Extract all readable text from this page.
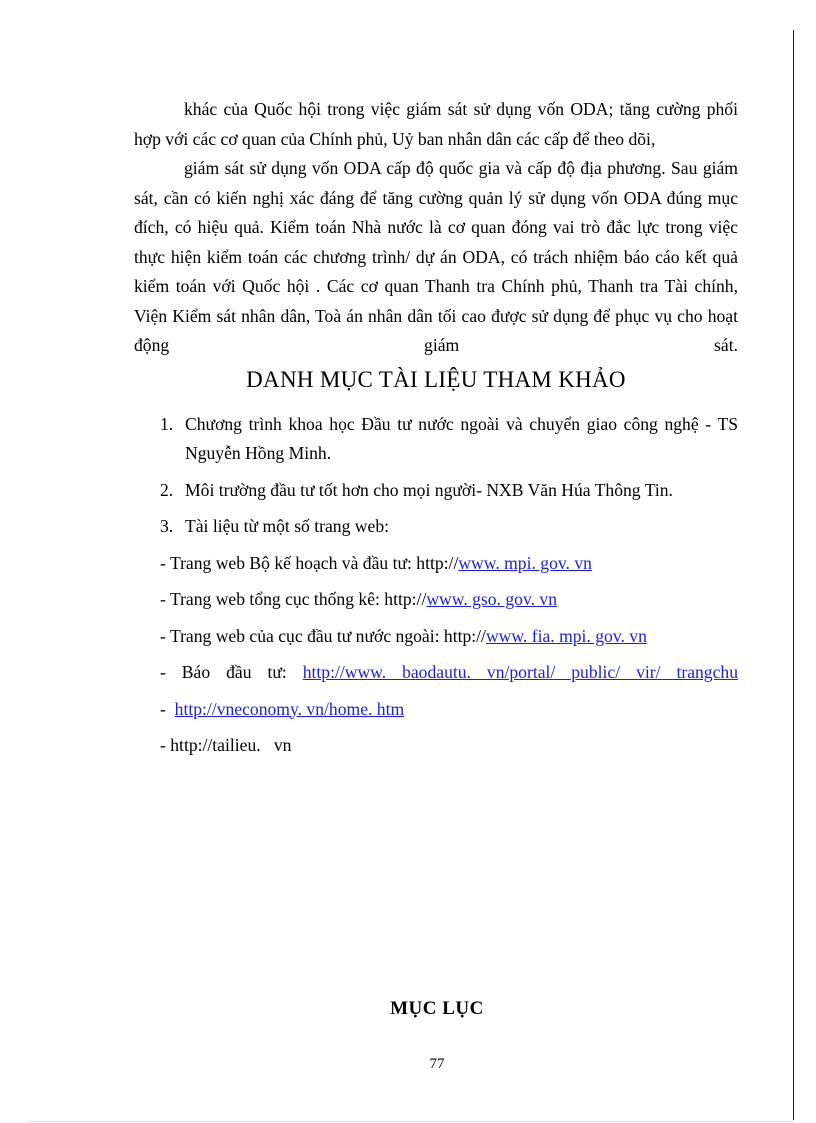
khác của Quốc hội trong việc giám sát sử dụng vốn ODA; tăng cường phối hợp với các cơ quan của Chính phủ, Uỷ ban nhân dân các cấp để theo dõi,

giám sát sử dụng vốn ODA cấp độ quốc gia và cấp độ địa phương. Sau giám sát, cần có kiến nghị xác đáng để tăng cường quản lý sử dụng vốn ODA đúng mục đích, có hiệu quả. Kiểm toán Nhà nước là cơ quan đóng vai trò đắc lực trong việc thực hiện kiểm toán các chương trình/ dự án ODA, có trách nhiệm báo cáo kết quả kiểm toán với Quốc hội . Các cơ quan Thanh tra Chính phủ, Thanh tra Tài chính, Viện Kiểm sát nhân dân, Toà án nhân dân tối cao được sử dụng để phục vụ cho hoạt động giám sát.

DANH MỤC TÀI LIỆU THAM KHẢO
1. Chương trình khoa học Đầu tư nước ngoài và chuyển giao công nghệ - TS Nguyễn Hồng Minh.
2. Môi trường đầu tư tốt hơn cho mọi người- NXB Văn Húa Thông Tin.
3. Tài liệu từ một số trang web:

- Trang web Bộ kế hoạch và đầu tư: http://www. mpi. gov. vn

- Trang web tổng cục thống kê: http://www. gso. gov. vn

- Trang web của cục đầu tư nước ngoài: http://www. fia. mpi. gov. vn

- Báo đầu tư: http://www. baodautu. vn/portal/ public/ vir/ trangchu

- http://vneconomy. vn/home. htm

- http://tailieu.   vn

MỤC LỤC
77
